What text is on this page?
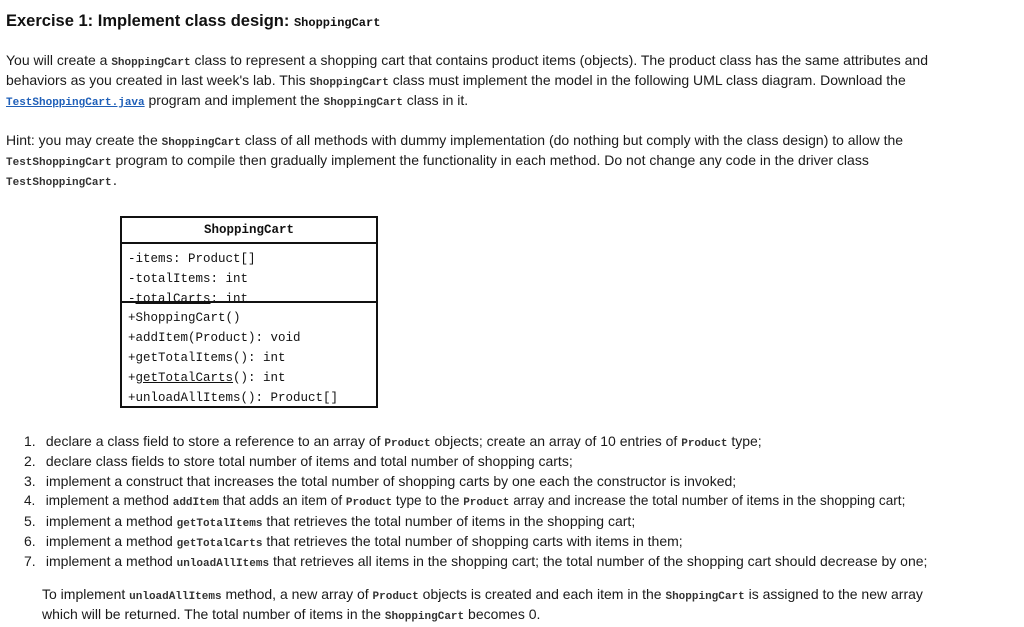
Exercise 1: Implement class design: ShoppingCart
You will create a ShoppingCart class to represent a shopping cart that contains product items (objects). The product class has the same attributes and
behaviors as you created in last week's lab. This ShoppingCart class must implement the model in the following UML class diagram. Download the
TestShoppingCart.java program and implement the ShoppingCart class in it.
Hint: you may create the ShoppingCart class of all methods with dummy implementation (do nothing but comply with the class design) to allow the
TestShoppingCart program to compile then gradually implement the functionality in each method. Do not change any code in the driver class
TestShoppingCart.
ShoppingCart
-items: Product[]
-totalItems: int
-totalCarts: int
+ShoppingCart()
+addItem(Product): void
+getTotalItems(): int
+getTotalCarts(): int
+unloadAllItems(): Product[]
1. declare a class field to store a reference to an array of Product objects; create an array of 10 entries of Product type;
2. declare class fields to store total number of items and total number of shopping carts;
3. implement a construct that increases the total number of shopping carts by one each the constructor is invoked;
4. implement a method addItem that adds an item of Product type to the Product array and increase the total number of items in the shopping cart;
5. implement a method getTotalItems that retrieves the total number of items in the shopping cart;
6. implement a method getTotalCarts that retrieves the total number of shopping carts with items in them;
7. implement a method unloadAllItems that retrieves all items in the shopping cart; the total number of the shopping cart should decrease by one;
To implement unloadAllItems method, a new array of Product objects is created and each item in the ShoppingCart is assigned to the new array
which will be returned. The total number of items in the ShoppingCart becomes 0.
